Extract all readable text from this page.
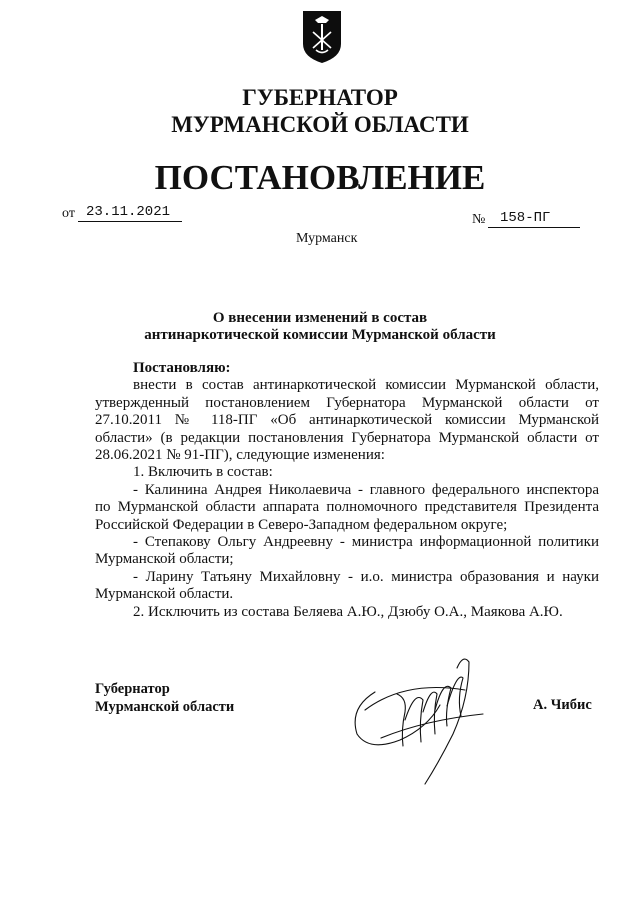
ГУБЕРНАТОР
МУРМАНСКОЙ ОБЛАСТИ
ПОСТАНОВЛЕНИЕ
от 23.11.2021	№ 158-ПГ
Мурманск
О внесении изменений в состав
антинаркотической комиссии Мурманской области

Постановляю:

внести в состав антинаркотической комиссии Мурманской области,

утвержденный постановлением Губернатора Мурманской области от

27.10.2011 № 118-ПГ «Об антинаркотической комиссии Мурманской

области» (в редакции постановления Губернатора Мурманской области от

28.06.2021 № 91-ПГ), следующие изменения:

1. Включить в состав:

- Калинина Андрея Николаевича - главного федерального инспектора

по Мурманской области аппарата полномочного представителя Президента

Российской Федерации в Северо-Западном федеральном округе;

- Степакову Ольгу Андреевну - министра информационной политики

Мурманской области;

- Ларину Татьяну Михайловну - и.о. министра образования и науки

Мурманской области.

2. Исключить из состава Беляева А.Ю., Дзюбу О.А., Маякова А.Ю.

Губернатор
Мурманской области	А. Чибис
